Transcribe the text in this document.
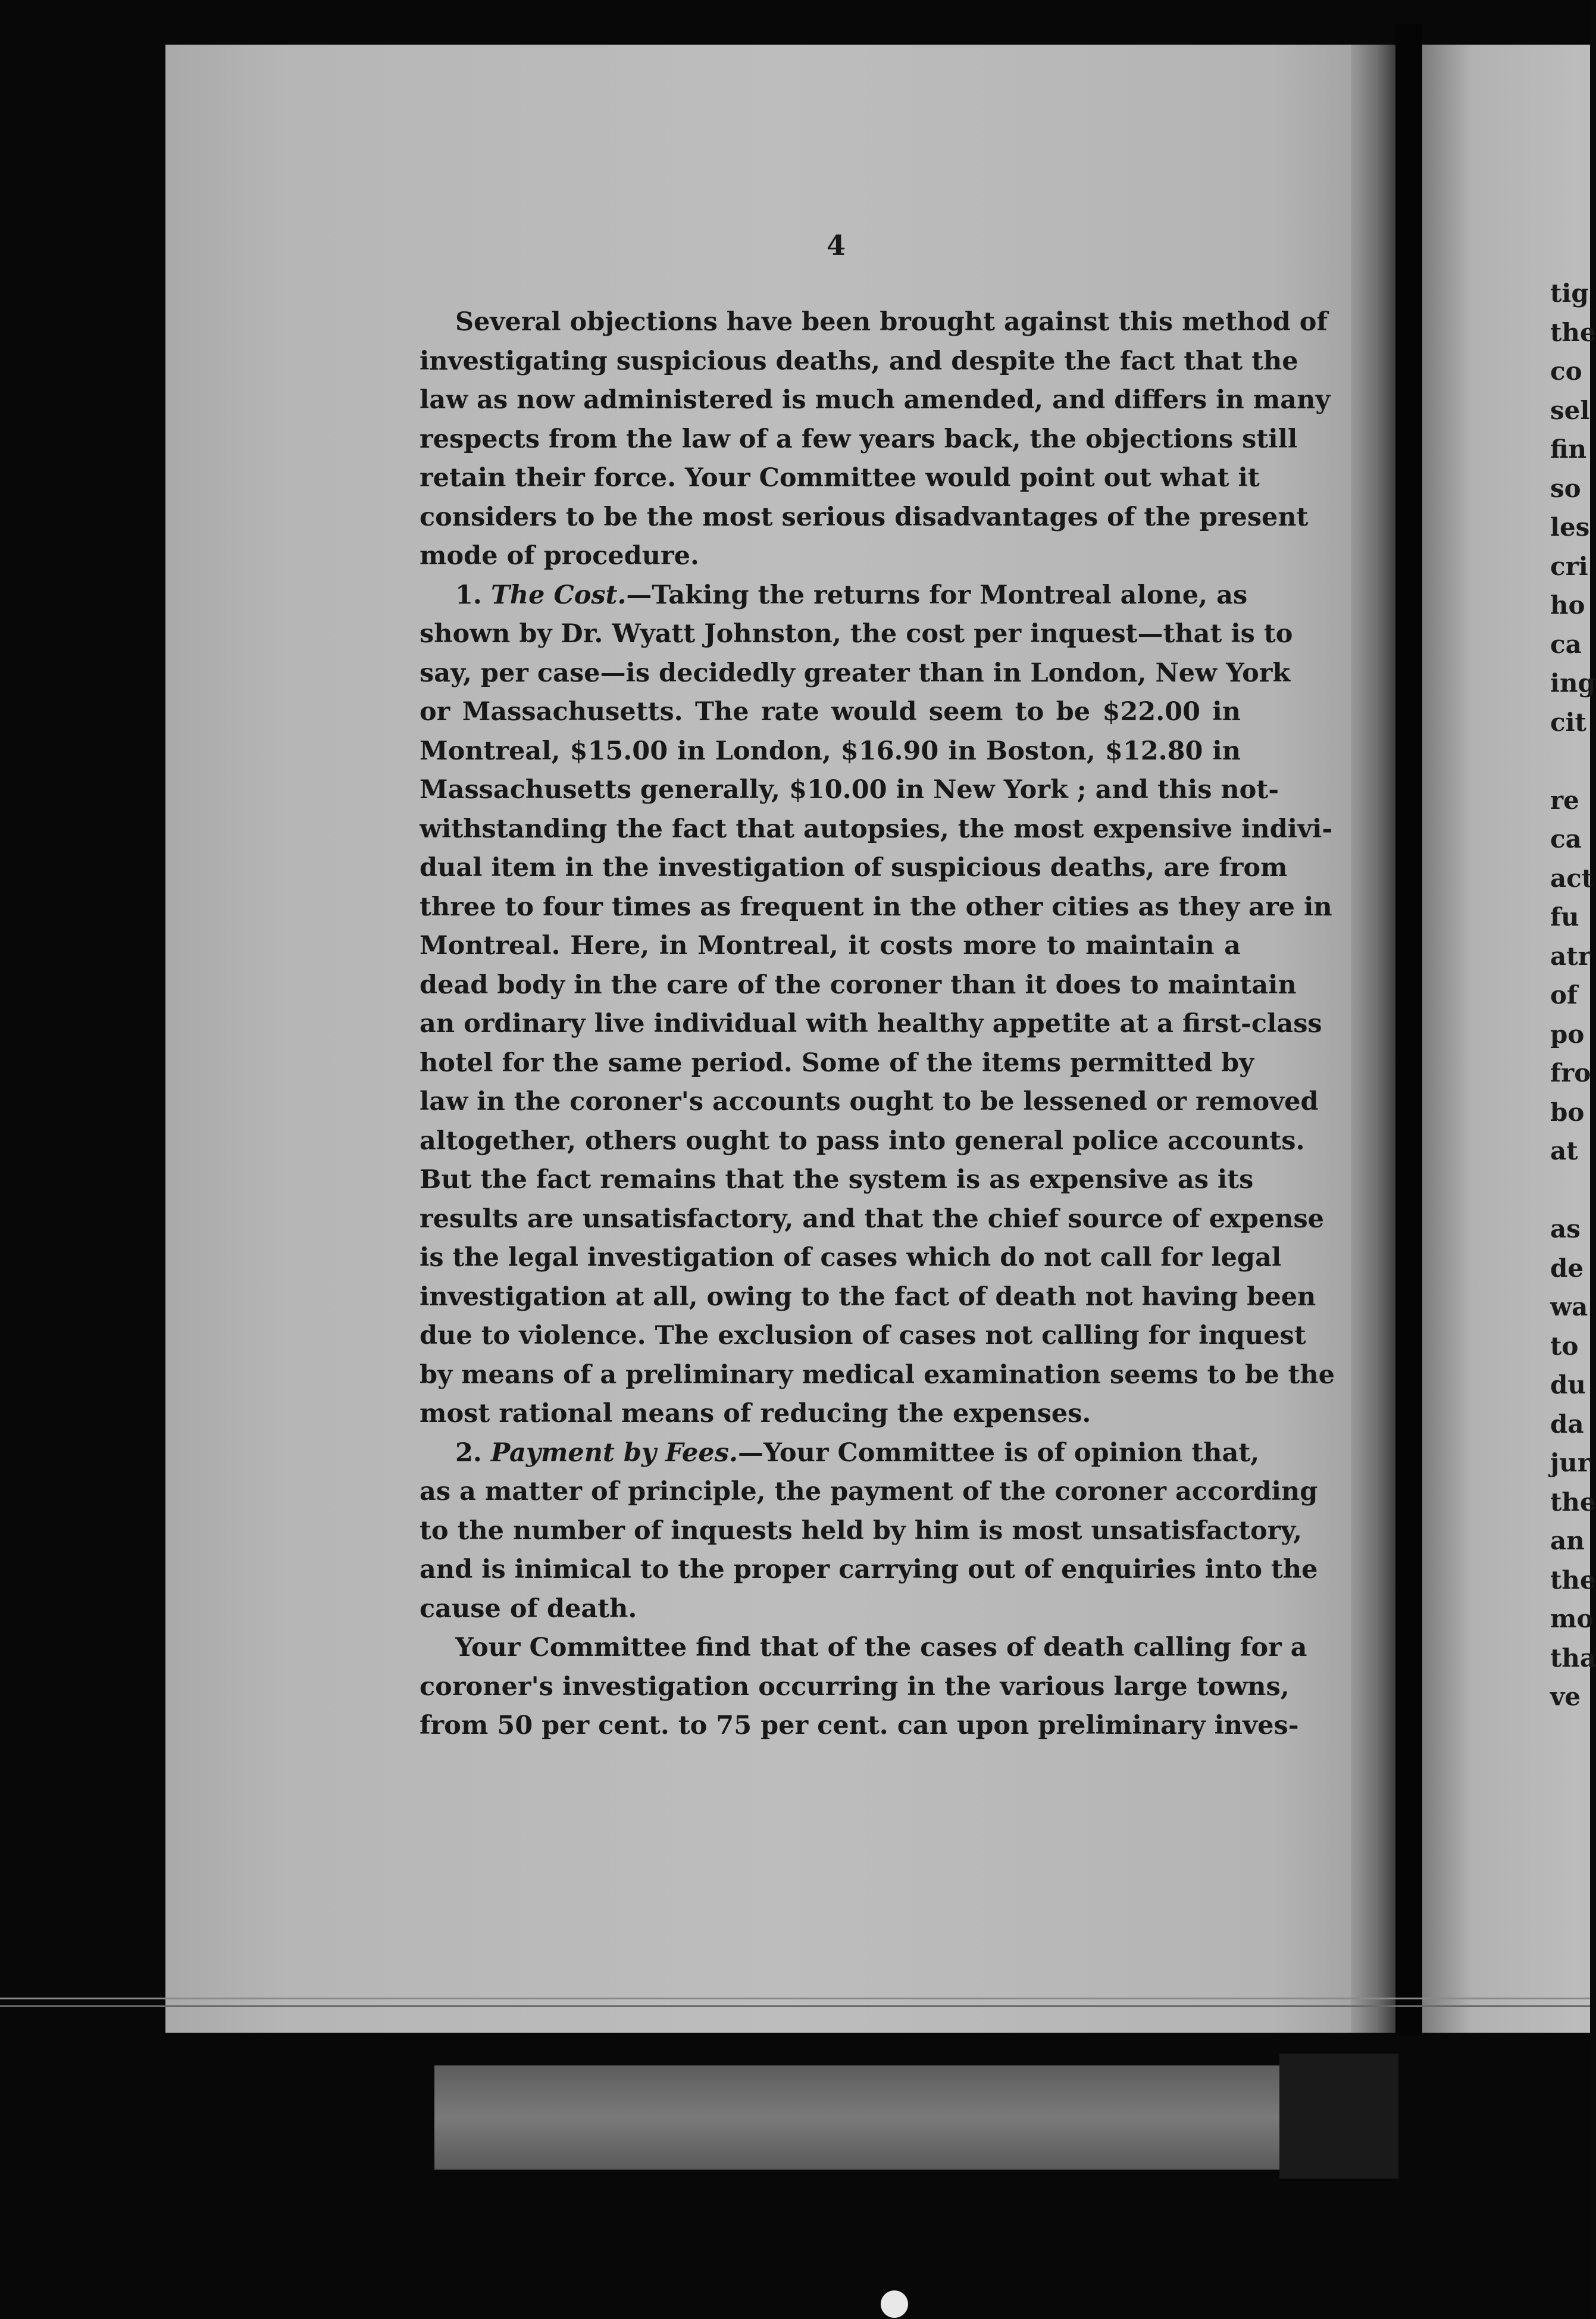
4
Several objections have been brought against this method of
investigating suspicious deaths, and despite the fact that the
law as now administered is much amended, and differs in many
respects from the law of a few years back, the objections still
retain their force. Your Committee would point out what it
considers to be the most serious disadvantages of the present
mode of procedure.
1. The Cost.—Taking the returns for Montreal alone, as
shown by Dr. Wyatt Johnston, the cost per inquest—that is to
say, per case—is decidedly greater than in London, New York
or Massachusetts. The rate would seem to be $22.00 in
Montreal, $15.00 in London, $16.90 in Boston, $12.80 in
Massachusetts generally, $10.00 in New York ; and this not-
withstanding the fact that autopsies, the most expensive indivi-
dual item in the investigation of suspicious deaths, are from
three to four times as frequent in the other cities as they are in
Montreal. Here, in Montreal, it costs more to maintain a
dead body in the care of the coroner than it does to maintain
an ordinary live individual with healthy appetite at a first-class
hotel for the same period. Some of the items permitted by
law in the coroner's accounts ought to be lessened or removed
altogether, others ought to pass into general police accounts.
But the fact remains that the system is as expensive as its
results are unsatisfactory, and that the chief source of expense
is the legal investigation of cases which do not call for legal
investigation at all, owing to the fact of death not having been
due to violence. The exclusion of cases not calling for inquest
by means of a preliminary medical examination seems to be the
most rational means of reducing the expenses.
2. Payment by Fees.—Your Committee is of opinion that,
as a matter of principle, the payment of the coroner according
to the number of inquests held by him is most unsatisfactory,
and is inimical to the proper carrying out of enquiries into the
cause of death.
Your Committee find that of the cases of death calling for a
coroner's investigation occurring in the various large towns,
from 50 per cent. to 75 per cent. can upon preliminary inves-
tig
the
co
sel
fin
so
les
cri
ho
ca
ing
cit
re
ca
act
fu
atr
of
po
fro
bo
at
as
de
wa
to
du
da
jur
the
an
the
mo
tha
ve
